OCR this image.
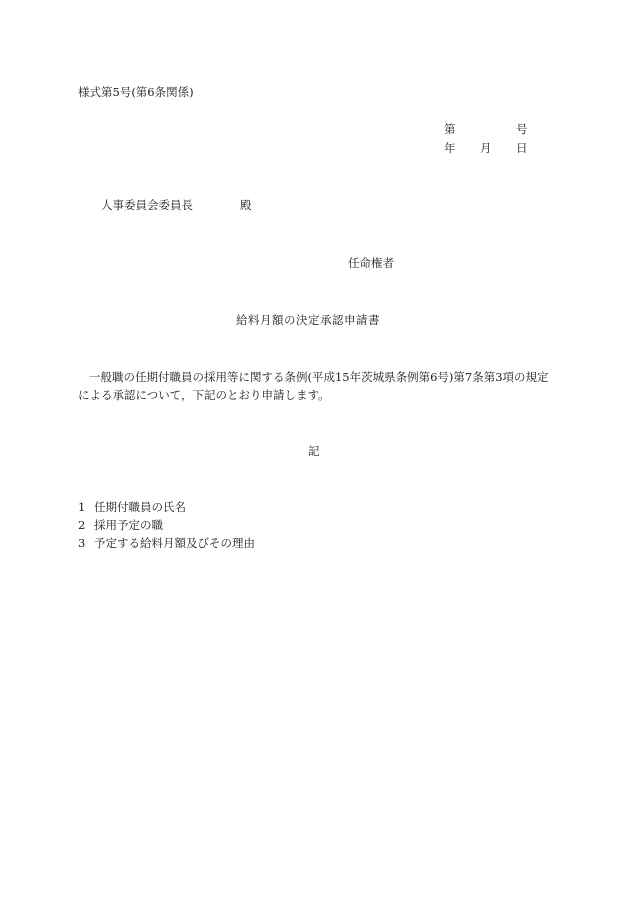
様式第5号(第6条関係)
第	号
年 月 日
人事委員会委員長	殿
任命権者
給料月額の決定承認申請書

一般職の任期付職員の採用等に関する条例(平成15年茨城県条例第6号)第7条第3項の規定による承認について，下記のとおり申請します。

記
1 任期付職員の氏名
2 採用予定の職
3 予定する給料月額及びその理由
